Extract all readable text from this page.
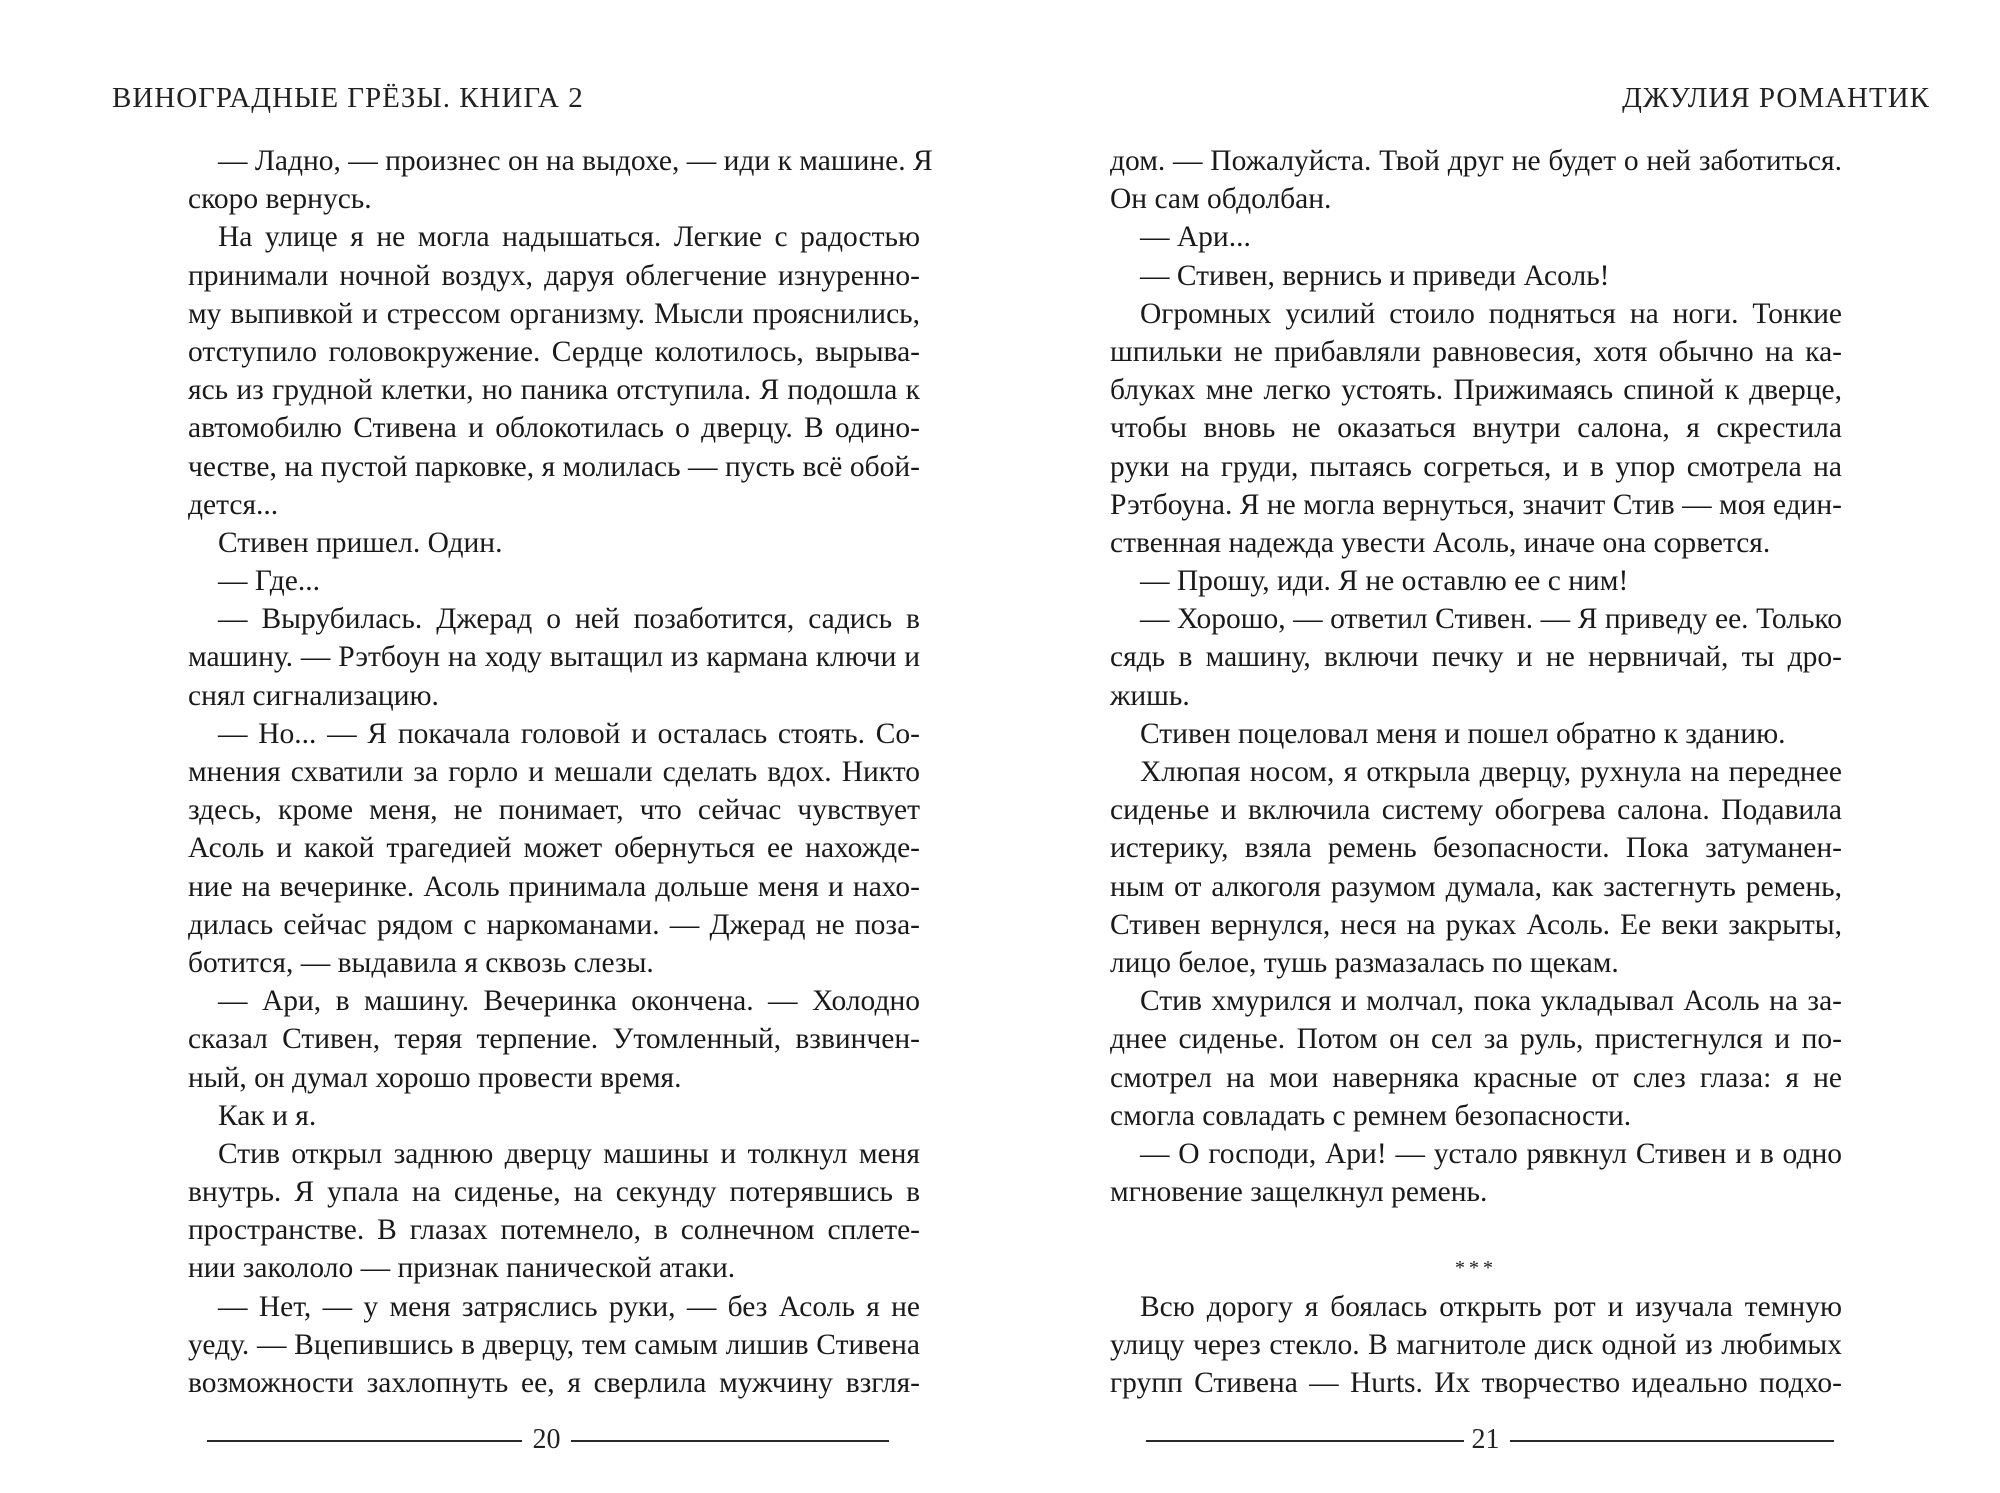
ВИНОГРАДНЫЕ ГРЁЗЫ. КНИГА 2
— Ладно, — произнес он на выдохе, — иди к машине. Я
скоро вернусь.
На улице я не могла надышаться. Легкие с радостью
принимали ночной воздух, даруя облегчение изнуренно-
му выпивкой и стрессом организму. Мысли прояснились,
отступило головокружение. Сердце колотилось, вырыва-
ясь из грудной клетки, но паника отступила. Я подошла к
автомобилю Стивена и облокотилась о дверцу. В одино-
честве, на пустой парковке, я молилась — пусть всё обой-
дется...
Стивен пришел. Один.
— Где...
— Вырубилась. Джерад о ней позаботится, садись в
машину. — Рэтбоун на ходу вытащил из кармана ключи и
снял сигнализацию.
— Но... — Я покачала головой и осталась стоять. Со-
мнения схватили за горло и мешали сделать вдох. Никто
здесь, кроме меня, не понимает, что сейчас чувствует
Асоль и какой трагедией может обернуться ее нахожде-
ние на вечеринке. Асоль принимала дольше меня и нахо-
дилась сейчас рядом с наркоманами. — Джерад не поза-
ботится, — выдавила я сквозь слезы.
— Ари, в машину. Вечеринка окончена. — Холодно
сказал Стивен, теряя терпение. Утомленный, взвинчен-
ный, он думал хорошо провести время.
Как и я.
Стив открыл заднюю дверцу машины и толкнул меня
внутрь. Я упала на сиденье, на секунду потерявшись в
пространстве. В глазах потемнело, в солнечном сплете-
нии закололо — признак панической атаки.
— Нет, — у меня затряслись руки, — без Асоль я не
уеду. — Вцепившись в дверцу, тем самым лишив Стивена
возможности захлопнуть ее, я сверлила мужчину взгля-
20
ДЖУЛИЯ РОМАНТИК
дом. — Пожалуйста. Твой друг не будет о ней заботиться.
Он сам обдолбан.
— Ари...
— Стивен, вернись и приведи Асоль!
Огромных усилий стоило подняться на ноги. Тонкие
шпильки не прибавляли равновесия, хотя обычно на ка-
блуках мне легко устоять. Прижимаясь спиной к дверце,
чтобы вновь не оказаться внутри салона, я скрестила
руки на груди, пытаясь согреться, и в упор смотрела на
Рэтбоуна. Я не могла вернуться, значит Стив — моя един-
ственная надежда увести Асоль, иначе она сорвется.
— Прошу, иди. Я не оставлю ее с ним!
— Хорошо, — ответил Стивен. — Я приведу ее. Только
сядь в машину, включи печку и не нервничай, ты дро-
жишь.
Стивен поцеловал меня и пошел обратно к зданию.
Хлюпая носом, я открыла дверцу, рухнула на переднее
сиденье и включила систему обогрева салона. Подавила
истерику, взяла ремень безопасности. Пока затуманен-
ным от алкоголя разумом думала, как застегнуть ремень,
Стивен вернулся, неся на руках Асоль. Ее веки закрыты,
лицо белое, тушь размазалась по щекам.
Стив хмурился и молчал, пока укладывал Асоль на за-
днее сиденье. Потом он сел за руль, пристегнулся и по-
смотрел на мои наверняка красные от слез глаза: я не
смогла совладать с ремнем безопасности.
— О господи, Ари! — устало рявкнул Стивен и в одно
мгновение защелкнул ремень.
***
Всю дорогу я боялась открыть рот и изучала темную
улицу через стекло. В магнитоле диск одной из любимых
групп Стивена — Hurts. Их творчество идеально подхо-
21
